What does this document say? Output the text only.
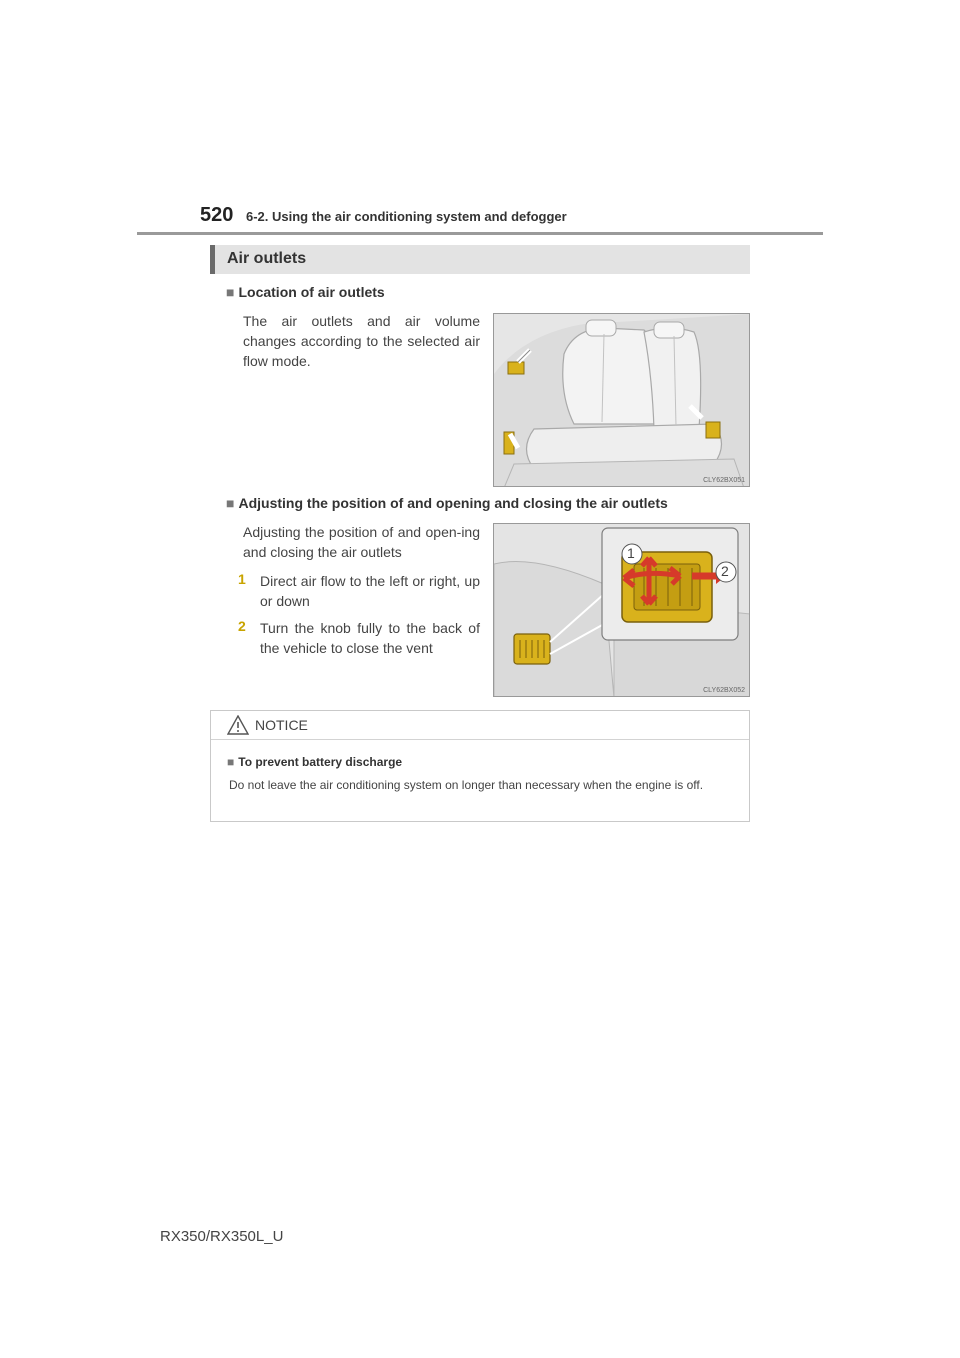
520 6-2. Using the air conditioning system and defogger
Air outlets
■ Location of air outlets
The air outlets and air volume changes according to the selected air flow mode.
CLY62BX051
■ Adjusting the position of and opening and closing the air outlets
Adjusting the position of and open-ing and closing the air outlets
1 Direct air flow to the left or right, up or down
2 Turn the knob fully to the back of the vehicle to close the vent
1
2
CLY62BX052
NOTICE
■ To prevent battery discharge
Do not leave the air conditioning system on longer than necessary when the engine is off.
RX350/RX350L_U
